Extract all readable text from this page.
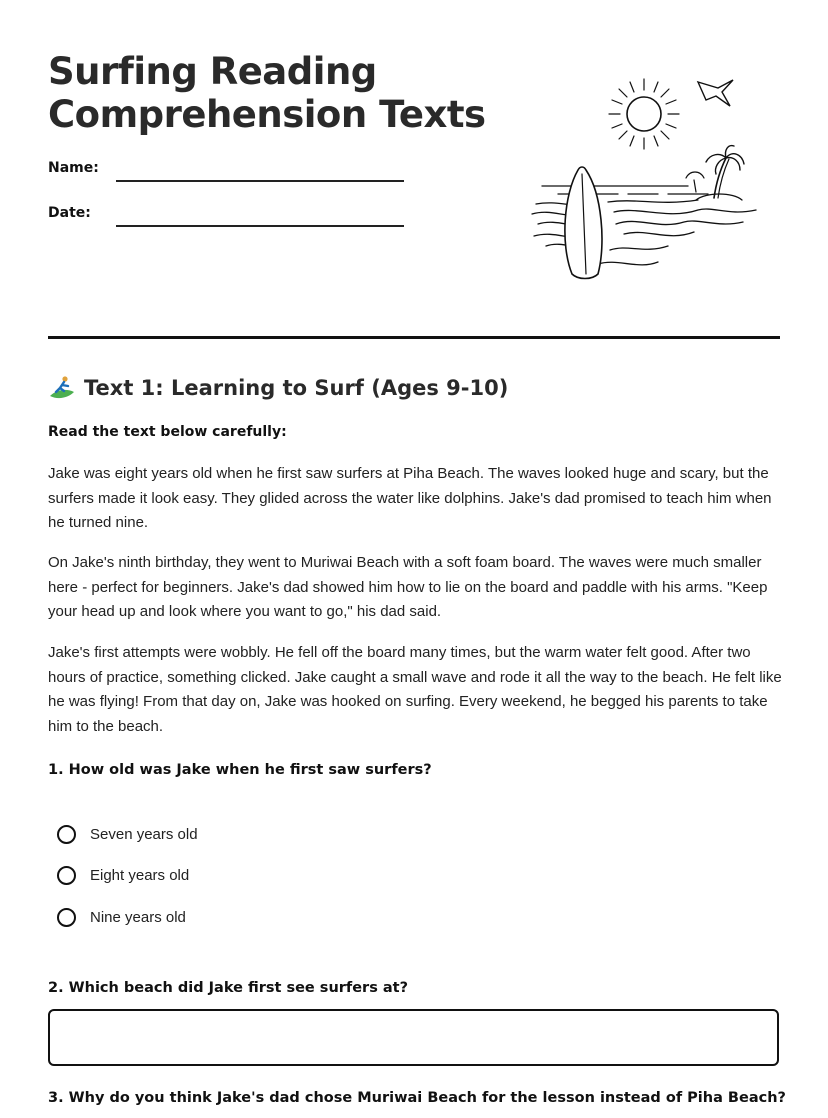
Surfing Reading
Comprehension Texts
Name:
Date:
Text 1: Learning to Surf (Ages 9-10)
Read the text below carefully:

Jake was eight years old when he first saw surfers at Piha Beach. The waves looked huge and scary, but the surfers made it look easy. They glided across the water like dolphins. Jake's dad promised to teach him when he turned nine.

On Jake's ninth birthday, they went to Muriwai Beach with a soft foam board. The waves were much smaller here - perfect for beginners. Jake's dad showed him how to lie on the board and paddle with his arms. "Keep your head up and look where you want to go," his dad said.

Jake's first attempts were wobbly. He fell off the board many times, but the warm water felt good. After two hours of practice, something clicked. Jake caught a small wave and rode it all the way to the beach. He felt like he was flying! From that day on, Jake was hooked on surfing. Every weekend, he begged his parents to take him to the beach.

1. How old was Jake when he first saw surfers?
Seven years old
Eight years old
Nine years old
2. Which beach did Jake first see surfers at?
3. Why do you think Jake's dad chose Muriwai Beach for the lesson instead of Piha Beach?
